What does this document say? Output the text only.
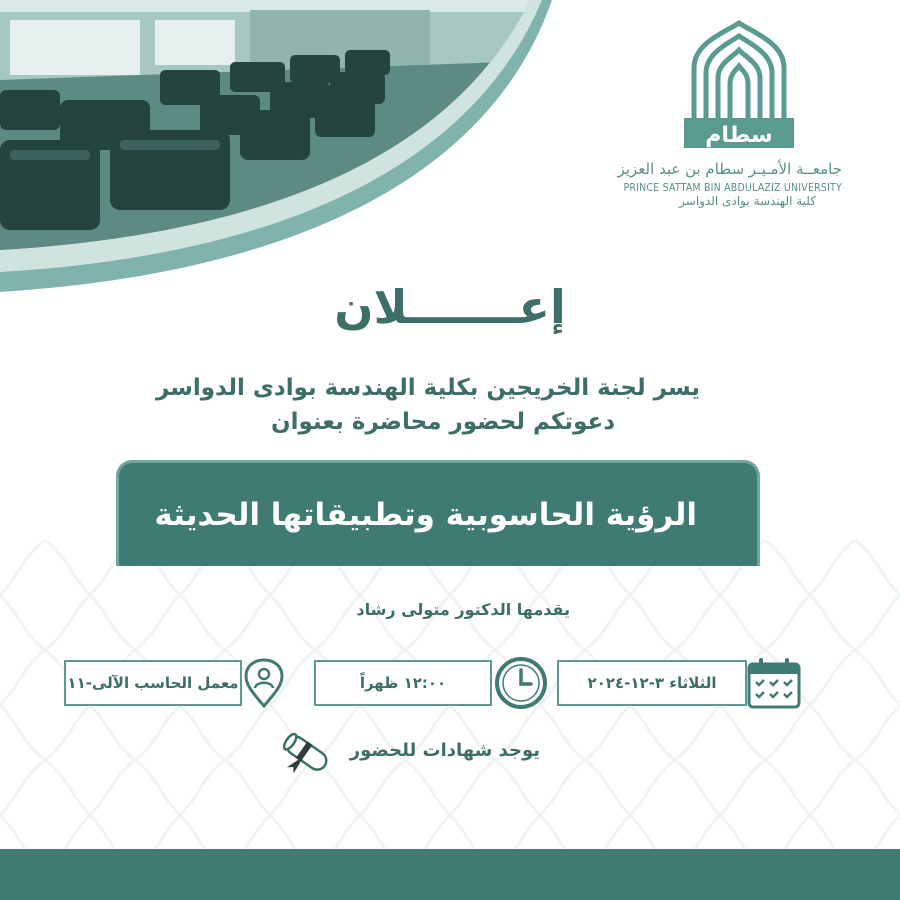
سطام
جامعــة الأمـيـر سطام بن عبد العزيز
PRINCE SATTAM BIN ABDULAZIZ UNIVERSITY
كلية الهندسة بوادى الدواسر
إعـــــــلان
يسر لجنة الخريجين بكلية الهندسة بوادى الدواسر
دعوتكم لحضور محاضرة بعنوان
الرؤية الحاسوبية وتطبيقاتها الحديثة
يقدمها الدكتور متولى رشاد
الثلاثاء ٣-١٢-٢٠٢٤
١٢:٠٠ ظهراً
معمل الحاسب الآلى-١١
يوجد شهادات للحضور
